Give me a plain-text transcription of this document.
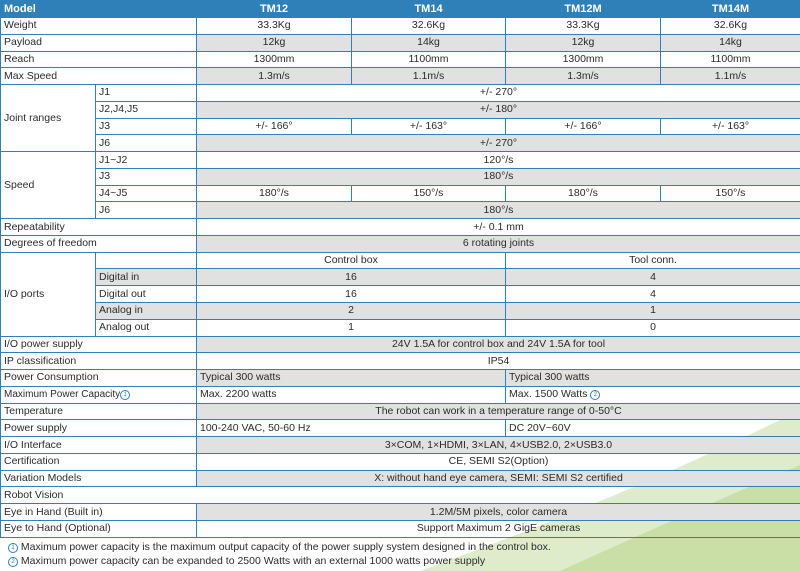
Model		TM12	TM14	TM12M	TM14M
Weight		33.3Kg	32.6Kg	33.3Kg	32.6Kg
Payload		12kg	14kg	12kg	14kg
Reach		1300mm	1100mm	1300mm	1100mm
Max Speed		1.3m/s	1.1m/s	1.3m/s	1.1m/s
Joint ranges	J1	+/- 270°			
	J2,J4,J5	+/- 180°			
	J3	+/- 166°	+/- 163°	+/- 166°	+/- 163°
	J6	+/- 270°			
Speed	J1~J2	120°/s			
	J3	180°/s			
	J4~J5	180°/s	150°/s	180°/s	150°/s
	J6	180°/s			
Repeatability		+/- 0.1 mm			
Degrees of freedom		6 rotating joints			
I/O ports		Control box		Tool conn.	
	Digital in	16		4	
	Digital out	16		4	
	Analog in	2		1	
	Analog out	1		0	
I/O power supply		24V 1.5A for control box and 24V 1.5A for tool			
IP classification		IP54			
Power Consumption		Typical 300 watts		Typical 300 watts	
Maximum Power Capacity 1		Max. 2200 watts		Max. 1500 Watts 2	
Temperature		The robot can work in a temperature range of 0-50°C			
Power supply		100-240 VAC, 50-60 Hz		DC 20V~60V	
I/O Interface		3×COM, 1×HDMI, 3×LAN, 4×USB2.0, 2×USB3.0			
Certification		CE, SEMI S2(Option)			
Variation Models		X: without hand eye camera, SEMI: SEMI S2 certified			
Robot Vision					
Eye in Hand (Built in)		1.2M/5M pixels, color camera			
Eye to Hand (Optional)		Support Maximum 2 GigE cameras			
1 Maximum power capacity is the maximum output capacity of the power supply system designed in the control box.
2 Maximum power capacity can be expanded to 2500 Watts with an external 1000 watts power supply
